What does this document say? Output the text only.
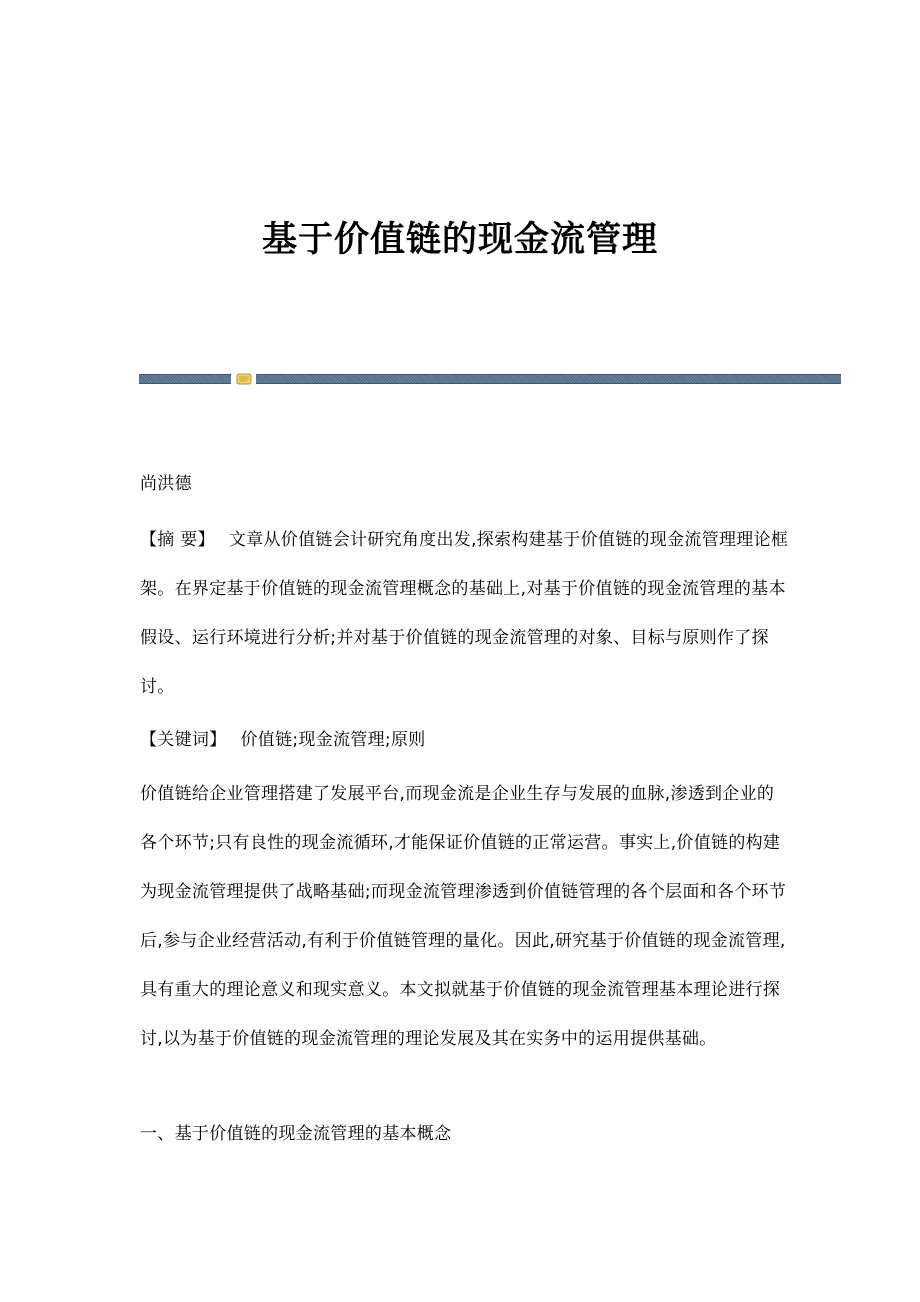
基于价值链的现金流管理

尚洪德

【摘 要】 文章从价值链会计研究角度出发,探索构建基于价值链的现金流管理理论框架。在界定基于价值链的现金流管理概念的基础上,对基于价值链的现金流管理的基本假设、运行环境进行分析;并对基于价值链的现金流管理的对象、目标与原则作了探讨。

【关键词】 价值链;现金流管理;原则

价值链给企业管理搭建了发展平台,而现金流是企业生存与发展的血脉,渗透到企业的各个环节;只有良性的现金流循环,才能保证价值链的正常运营。事实上,价值链的构建为现金流管理提供了战略基础;而现金流管理渗透到价值链管理的各个层面和各个环节后,参与企业经营活动,有利于价值链管理的量化。因此,研究基于价值链的现金流管理,具有重大的理论意义和现实意义。本文拟就基于价值链的现金流管理基本理论进行探讨,以为基于价值链的现金流管理的理论发展及其在实务中的运用提供基础。

一、基于价值链的现金流管理的基本概念
